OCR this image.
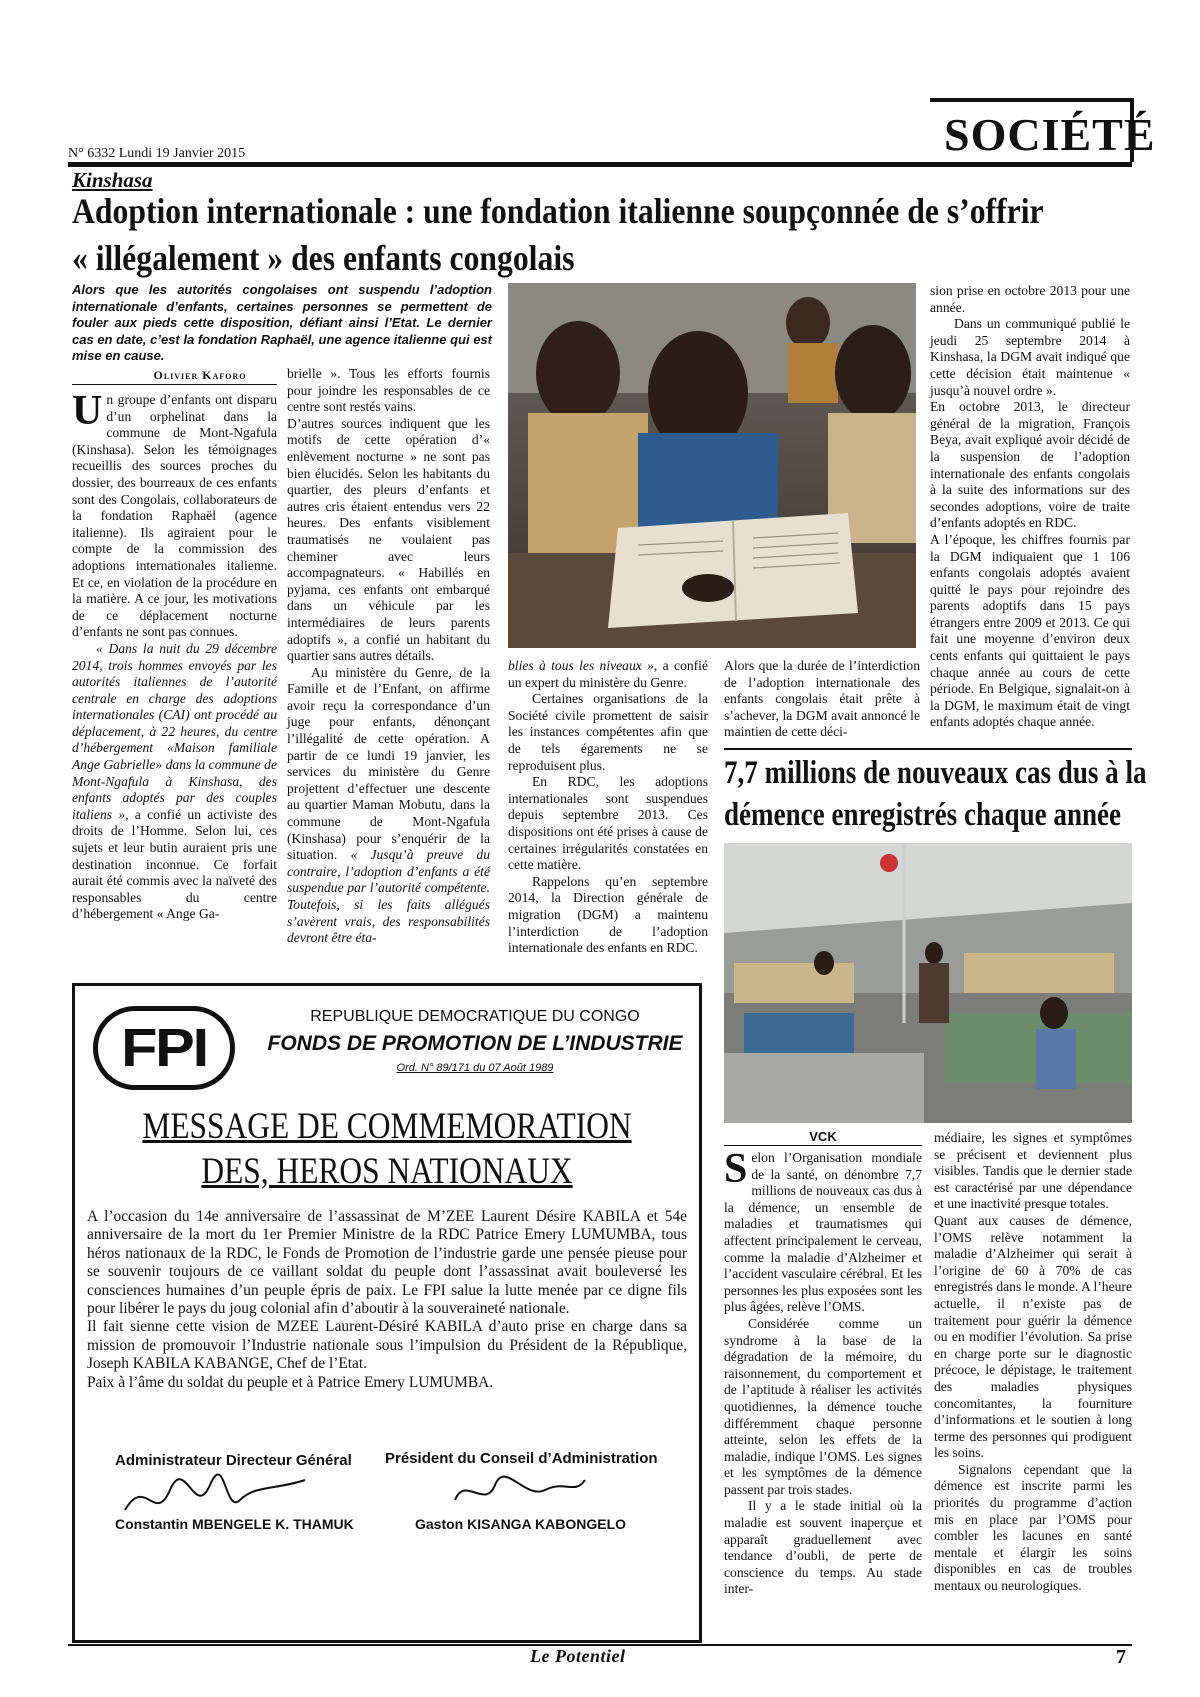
N° 6332 Lundi 19 Janvier 2015	SOCIÉTÉ
Kinshasa
Adoption internationale : une fondation italienne soupçonnée de s’offrir
« illégalement » des enfants congolais
Alors que les autorités congolaises ont suspendu l’adoption internationale d’enfants, certaines personnes se permettent de fouler aux pieds cette disposition, défiant ainsi l’Etat. Le dernier cas en date, c’est la fondation Raphaël, une agence italienne qui est mise en cause.
Olivier Kaforo

Un groupe d’enfants ont disparu d’un orphelinat dans la commune de Mont-Ngafula (Kinshasa). Selon les témoignages recueillis des sources proches du dossier, des bourreaux de ces enfants sont des Congolais, collaborateurs de la fondation Raphaël (agence italienne). Ils agiraient pour le compte de la commission des adoptions internationales italienne. Et ce, en violation de la procédure en la matière. A ce jour, les motivations de ce déplacement nocturne d’enfants ne sont pas connues.

« Dans la nuit du 29 décembre 2014, trois hommes envoyés par les autorités italiennes de l’autorité centrale en charge des adoptions internationales (CAI) ont procédé au déplacement, à 22 heures, du centre d’hébergement «Maison familiale Ange Gabrielle» dans la commune de Mont-Ngafula à Kinshasa, des enfants adoptés par des couples italiens », a confié un activiste des droits de l’Homme. Selon lui, ces sujets et leur butin auraient pris une destination inconnue. Ce forfait aurait été commis avec la naïveté des responsables du centre d’hébergement « Ange Ga-

brielle ». Tous les efforts fournis pour joindre les responsables de ce centre sont restés vains.

D’autres sources indiquent que les motifs de cette opération d’« enlèvement nocturne » ne sont pas bien élucidés. Selon les habitants du quartier, des pleurs d’enfants et autres cris étaient entendus vers 22 heures. Des enfants visiblement traumatisés ne voulaient pas cheminer avec leurs accompagnateurs. « Habillés en pyjama, ces enfants ont embarqué dans un véhicule par les intermédiaires de leurs parents adoptifs », a confié un habitant du quartier sans autres détails.

Au ministère du Genre, de la Famille et de l’Enfant, on affirme avoir reçu la correspondance d’un juge pour enfants, dénonçant l’illégalité de cette opération. A partir de ce lundi 19 janvier, les services du ministère du Genre projettent d’effectuer une descente au quartier Maman Mobutu, dans la commune de Mont-Ngafula (Kinshasa) pour s’enquérir de la situation. « Jusqu’à preuve du contraire, l’adoption d’enfants a été suspendue par l’autorité compétente. Toutefois, si les faits allégués s’avèrent vrais, des responsabilités devront être éta-

blies à tous les niveaux », a confié un expert du ministère du Genre.

Certaines organisations de la Société civile promettent de saisir les instances compétentes afin que de tels égarements ne se reproduisent plus.

En RDC, les adoptions internationales sont suspendues depuis septembre 2013. Ces dispositions ont été prises à cause de certaines irrégularités constatées en cette matière.

Rappelons qu’en septembre 2014, la Direction générale de migration (DGM) a maintenu l’interdiction de l’adoption internationale des enfants en RDC.

Alors que la durée de l’interdiction de l’adoption internationale des enfants congolais était prête à s’achever, la DGM avait annoncé le maintien de cette déci-

sion prise en octobre 2013 pour une année.

Dans un communiqué publié le jeudi 25 septembre 2014 à Kinshasa, la DGM avait indiqué que cette décision était maintenue « jusqu’à nouvel ordre ».

En octobre 2013, le directeur général de la migration, François Beya, avait expliqué avoir décidé de la suspension de l’adoption internationale des enfants congolais à la suite des informations sur des secondes adoptions, voire de traite d’enfants adoptés en RDC.

A l’époque, les chiffres fournis par la DGM indiquaient que 1 106 enfants congolais adoptés avaient quitté le pays pour rejoindre des parents adoptifs dans 15 pays étrangers entre 2009 et 2013. Ce qui fait une moyenne d’environ deux cents enfants qui quittaient le pays chaque année au cours de cette période. En Belgique, signalait-on à la DGM, le maximum était de vingt enfants adoptés chaque année.

7,7 millions de nouveaux cas dus à la
démence enregistrés chaque année
VCK

Selon l’Organisation mondiale de la santé, on dénombre 7,7 millions de nouveaux cas dus à la démence, un ensemble de maladies et traumatismes qui affectent principalement le cerveau, comme la maladie d’Alzheimer et l’accident vasculaire cérébral. Et les personnes les plus exposées sont les plus âgées, relève l’OMS.

Considérée comme un syndrome à la base de la dégradation de la mémoire, du raisonnement, du comportement et de l’aptitude à réaliser les activités quotidiennes, la démence touche différemment chaque personne atteinte, selon les effets de la maladie, indique l’OMS. Les signes et les symptômes de la démence passent par trois stades.

Il y a le stade initial où la maladie est souvent inaperçue et apparaît graduellement avec tendance d’oubli, de perte de conscience du temps. Au stade inter-

médiaire, les signes et symptômes se précisent et deviennent plus visibles. Tandis que le dernier stade est caractérisé par une dépendance et une inactivité presque totales.

Quant aux causes de démence, l’OMS relève notamment la maladie d’Alzheimer qui serait à l’origine de 60 à 70% de cas enregistrés dans le monde. A l’heure actuelle, il n’existe pas de traitement pour guérir la démence ou en modifier l’évolution. Sa prise en charge porte sur le diagnostic précoce, le dépistage, le traitement des maladies physiques concomitantes, la fourniture d’informations et le soutien à long terme des personnes qui prodiguent les soins.

Signalons cependant que la démence est inscrite parmi les priorités du programme d’action mis en place par l’OMS pour combler les lacunes en santé mentale et élargir les soins disponibles en cas de troubles mentaux ou neurologiques.

FPI
REPUBLIQUE DEMOCRATIQUE DU CONGO
FONDS DE PROMOTION DE L’INDUSTRIE
Ord. N° 89/171 du 07 Août 1989
MESSAGE DE COMMEMORATION
DES, HEROS NATIONAUX
A l’occasion du 14e anniversaire de l’assassinat de M’ZEE Laurent Désire KABILA et 54e anniversaire de la mort du 1er Premier Ministre de la RDC Patrice Emery LUMUMBA, tous héros nationaux de la RDC, le Fonds de Promotion de l’industrie garde une pensée pieuse pour se souvenir toujours de ce vaillant soldat du peuple dont l’assassinat avait bouleversé les consciences humaines d’un peuple épris de paix. Le FPI salue la lutte menée par ce digne fils pour libérer le pays du joug colonial afin d’aboutir à la souveraineté nationale.
Il fait sienne cette vision de MZEE Laurent-Désiré KABILA d’auto prise en charge dans sa mission de promouvoir l’Industrie nationale sous l’impulsion du Président de la République, Joseph KABILA KABANGE, Chef de l’Etat.
Paix à l’âme du soldat du peuple et à Patrice Emery LUMUMBA.
Administrateur Directeur Général
Constantin MBENGELE K. THAMUK
Président du Conseil d’Administration
Gaston KISANGA KABONGELO
Le Potentiel	7
